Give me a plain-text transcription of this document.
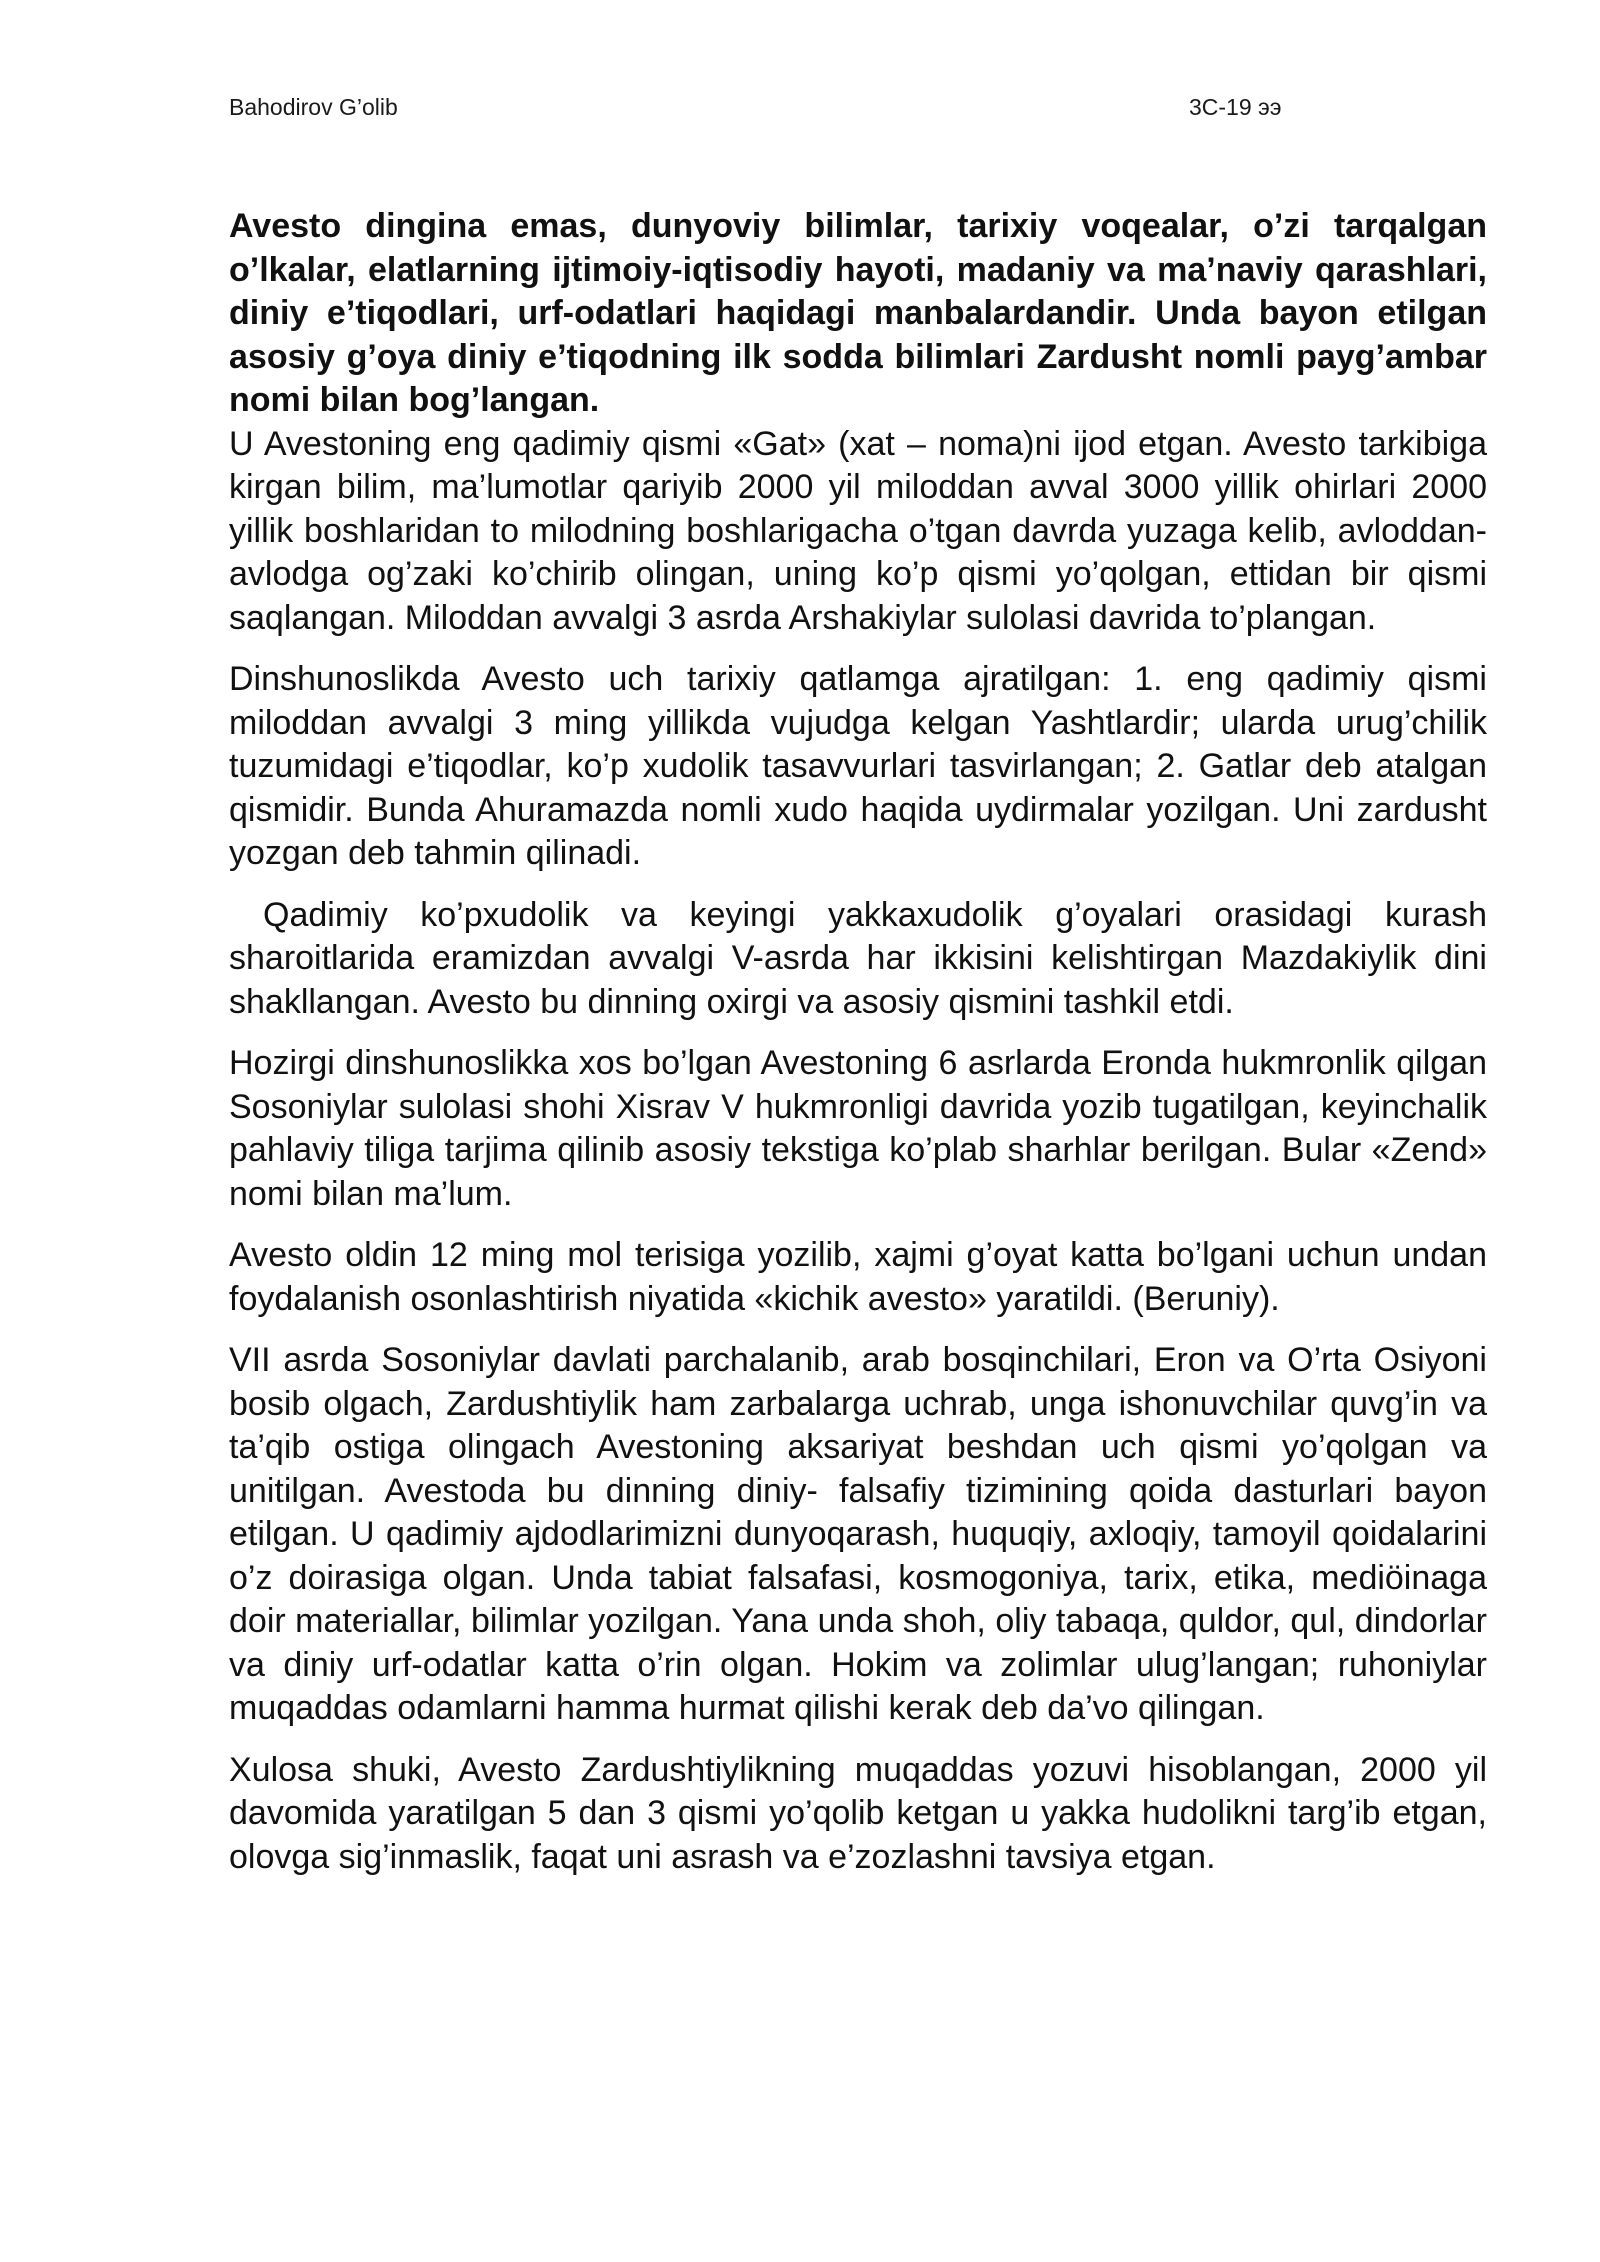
Bahodirov G’olib	3C-19 ээ

Avesto dingina emas, dunyoviy bilimlar, tarixiy voqealar, o’zi tarqalgan o’lkalar, elatlarning ijtimoiy-iqtisodiy hayoti, madaniy va ma’naviy qarashlari, diniy e’tiqodlari, urf-odatlari haqidagi manbalardandir. Unda bayon etilgan asosiy g’oya diniy e’tiqodning ilk sodda bilimlari Zardusht nomli payg’ambar nomi bilan bog’langan.

U Avestoning eng qadimiy qismi «Gat» (xat – noma)ni ijod etgan. Avesto tarkibiga kirgan bilim, ma’lumotlar qariyib 2000 yil miloddan avval 3000 yillik ohirlari 2000 yillik boshlaridan to milodning boshlarigacha o’tgan davrda yuzaga kelib, avloddan-avlodga og’zaki ko’chirib olingan, uning ko’p qismi yo’qolgan, ettidan bir qismi saqlangan. Miloddan avvalgi 3 asrda Arshakiylar sulolasi davrida to’plangan.

Dinshunoslikda Avesto uch tarixiy qatlamga ajratilgan: 1. eng qadimiy qismi miloddan avvalgi 3 ming yillikda vujudga kelgan Yashtlardir; ularda urug’chilik tuzumidagi e’tiqodlar, ko’p xudolik tasavvurlari tasvirlangan; 2. Gatlar deb atalgan qismidir. Bunda Ahuramazda nomli xudo haqida uydirmalar yozilgan. Uni zardusht yozgan deb tahmin qilinadi.

Qadimiy ko’pxudolik va keyingi yakkaxudolik g’oyalari orasidagi kurash sharoitlarida eramizdan avvalgi V-asrda har ikkisini kelishtirgan Mazdakiylik dini shakllangan. Avesto bu dinning oxirgi va asosiy qismini tashkil etdi.

Hozirgi dinshunoslikka xos bo’lgan Avestoning 6 asrlarda Eronda hukmronlik qilgan Sosoniylar sulolasi shohi Xisrav V hukmronligi davrida yozib tugatilgan, keyinchalik pahlaviy tiliga tarjima qilinib asosiy tekstiga ko’plab sharhlar berilgan. Bular «Zend» nomi bilan ma’lum.

Avesto oldin 12 ming mol terisiga yozilib, xajmi g’oyat katta bo’lgani uchun undan foydalanish osonlashtirish niyatida «kichik avesto» yaratildi. (Beruniy).

VII asrda Sosoniylar davlati parchalanib, arab bosqinchilari, Eron va O’rta Osiyoni bosib olgach, Zardushtiylik ham zarbalarga uchrab, unga ishonuvchilar quvg’in va ta’qib ostiga olingach Avestoning aksariyat beshdan uch qismi yo’qolgan va unitilgan. Avestoda bu dinning diniy- falsafiy tizimining qoida dasturlari bayon etilgan. U qadimiy ajdodlarimizni dunyoqarash, huquqiy, axloqiy, tamoyil qoidalarini o’z doirasiga olgan. Unda tabiat falsafasi, kosmogoniya, tarix, etika, mediöinaga doir materiallar, bilimlar yozilgan. Yana unda shoh, oliy tabaqa, quldor, qul, dindorlar va diniy urf-odatlar katta o’rin olgan. Hokim va zolimlar ulug’langan; ruhoniylar muqaddas odamlarni hamma hurmat qilishi kerak deb da’vo qilingan.

Xulosa shuki, Avesto Zardushtiylikning muqaddas yozuvi hisoblangan, 2000 yil davomida yaratilgan 5 dan 3 qismi yo’qolib ketgan u yakka hudolikni targ’ib etgan, olovga sig’inmaslik, faqat uni asrash va e’zozlashni tavsiya etgan.
